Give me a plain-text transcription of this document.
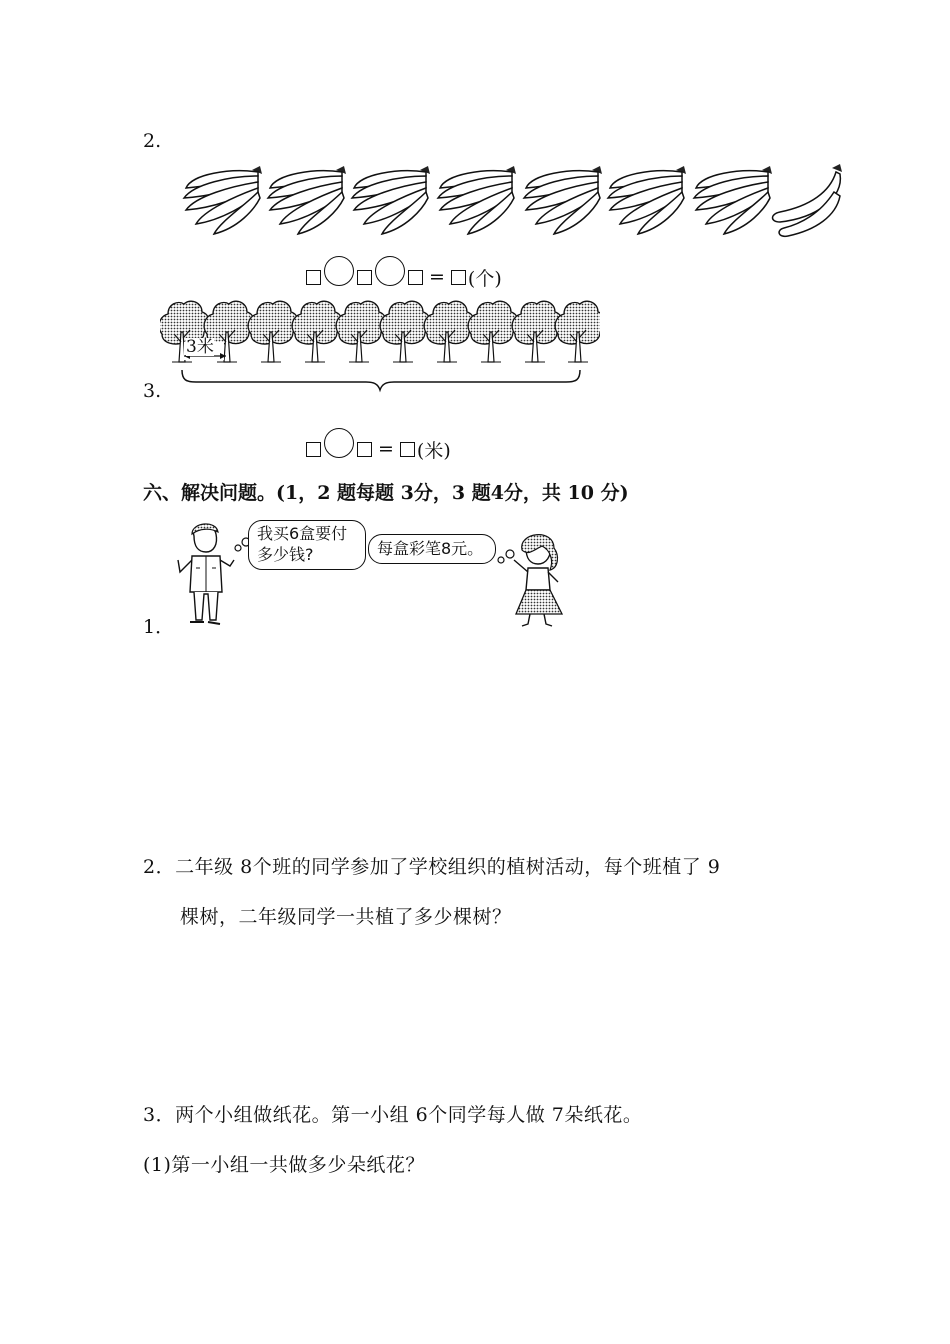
2.
= (个)
3米
3.
= (米)
六、解决问题。(1，2 题每题 3分，3 题4分，共 10 分)
我买6盒要付
多少钱?	每盒彩笔8元。
1．
2．二年级 8个班的同学参加了学校组织的植树活动，每个班植了 9
棵树，二年级同学一共植了多少棵树？
3．两个小组做纸花。第一小组 6个同学每人做 7朵纸花。
(1)第一小组一共做多少朵纸花？
